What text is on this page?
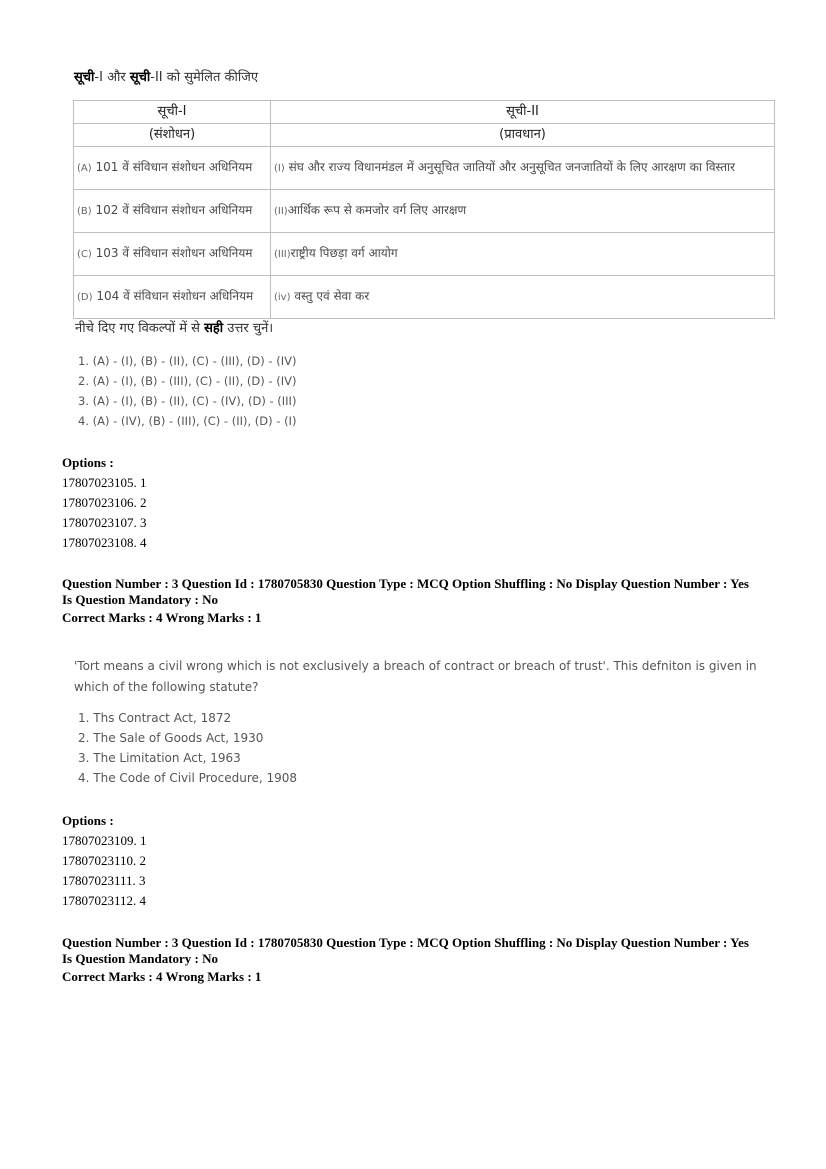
सूची-I और सूची-II को सुमेलित कीजिए
सूची-I	सूची-II
(संशोधन)	(प्रावधान)
(A) 101 वें संविधान संशोधन अधिनियम	(I) संघ और राज्य विधानमंडल में अनुसूचित जातियों और अनुसूचित जनजातियों के लिए आरक्षण का विस्तार
(B) 102 वें संविधान संशोधन अधिनियम	(II)आर्थिक रूप से कमजोर वर्ग लिए आरक्षण
(C) 103 वें संविधान संशोधन अधिनियम	(III)राष्ट्रीय पिछड़ा वर्ग आयोग
(D) 104 वें संविधान संशोधन अधिनियम	(iv) वस्तु एवं सेवा कर
नीचे दिए गए विकल्पों में से सही उत्तर चुनें।
1. (A) - (I), (B) - (II), (C) - (III), (D) - (IV)
2. (A) - (I), (B) - (III), (C) - (II), (D) - (IV)
3. (A) - (I), (B) - (II), (C) - (IV), (D) - (III)
4. (A) - (IV), (B) - (III), (C) - (II), (D) - (I)
Options :
17807023105. 1
17807023106. 2
17807023107. 3
17807023108. 4
Question Number : 3 Question Id : 1780705830 Question Type : MCQ Option Shuffling : No Display Question Number : Yes
Is Question Mandatory : No
Correct Marks : 4 Wrong Marks : 1
'Tort means a civil wrong which is not exclusively a breach of contract or breach of trust'. This defniton is given in which of the following statute?
1. Ths Contract Act, 1872
2. The Sale of Goods Act, 1930
3. The Limitation Act, 1963
4. The Code of Civil Procedure, 1908
Options :
17807023109. 1
17807023110. 2
17807023111. 3
17807023112. 4
Question Number : 3 Question Id : 1780705830 Question Type : MCQ Option Shuffling : No Display Question Number : Yes
Is Question Mandatory : No
Correct Marks : 4 Wrong Marks : 1
